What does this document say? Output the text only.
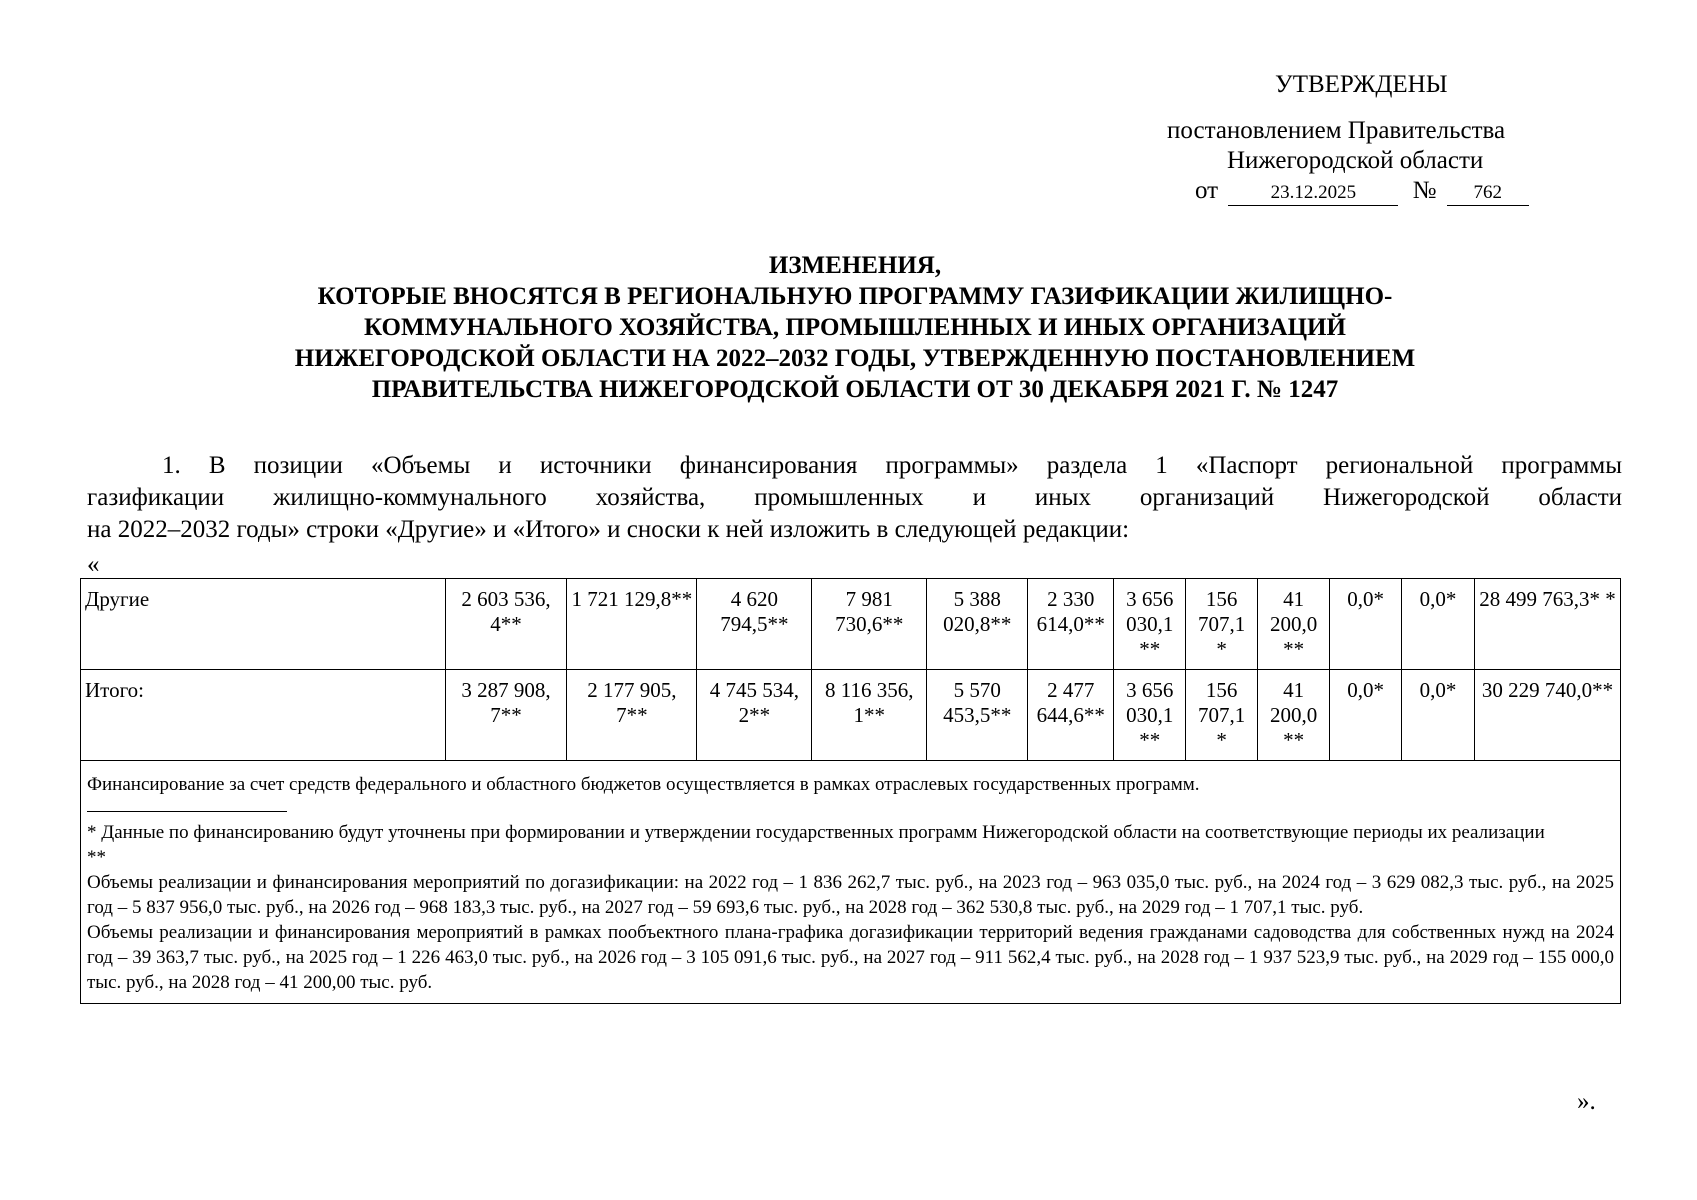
УТВЕРЖДЕНЫ
постановлением Правительства
Нижегородской области
от	23.12.2025 № 762
ИЗМЕНЕНИЯ,
КОТОРЫЕ ВНОСЯТСЯ В РЕГИОНАЛЬНУЮ ПРОГРАММУ ГАЗИФИКАЦИИ ЖИЛИЩНО-
КОММУНАЛЬНОГО ХОЗЯЙСТВА, ПРОМЫШЛЕННЫХ И ИНЫХ ОРГАНИЗАЦИЙ
НИЖЕГОРОДСКОЙ ОБЛАСТИ НА 2022–2032 ГОДЫ, УТВЕРЖДЕННУЮ ПОСТАНОВЛЕНИЕМ
ПРАВИТЕЛЬСТВА НИЖЕГОРОДСКОЙ ОБЛАСТИ ОТ 30 ДЕКАБРЯ 2021 Г. № 1247
1. В позиции «Объемы и источники финансирования программы» раздела 1 «Паспорт региональной программы
газификации жилищно-коммунального хозяйства, промышленных и иных организаций Нижегородской области
на 2022–2032 годы» строки «Другие» и «Итого» и сноски к ней изложить в следующей редакции:
«
Другие	2 603 536, 4**	1 721 129,8**	4 620 794,5**	7 981 730,6**	5 388 020,8**	2 330 614,0**	3 656 030,1 **	156 707,1 *	41 200,0 **	0,0*	0,0*	28 499 763,3* *
Итого:	3 287 908, 7**	2 177 905, 7**	4 745 534, 2**	8 116 356, 1**	5 570 453,5**	2 477 644,6**	3 656 030,1 **	156 707,1 *	41 200,0 **	0,0*	0,0*	30 229 740,0**

Финансирование за счет средств федерального и областного бюджетов осуществляется в рамках отраслевых государственных программ.

* Данные по финансированию будут уточнены при формировании и утверждении государственных программ Нижегородской области на соответствующие периоды их реализации

**

Объемы реализации и финансирования мероприятий по догазификации: на 2022 год – 1 836 262,7 тыс. руб., на 2023 год – 963 035,0 тыс. руб., на 2024 год – 3 629 082,3 тыс. руб., на 2025 год – 5 837 956,0 тыс. руб., на 2026 год – 968 183,3 тыс. руб., на 2027 год – 59 693,6 тыс. руб., на 2028 год – 362 530,8 тыс. руб., на 2029 год – 1 707,1 тыс. руб.

Объемы реализации и финансирования мероприятий в рамках пообъектного плана-графика догазификации территорий ведения гражданами садоводства для собственных нужд на 2024 год – 39 363,7 тыс. руб., на 2025 год – 1 226 463,0 тыс. руб., на 2026 год – 3 105 091,6 тыс. руб., на 2027 год – 911 562,4 тыс. руб., на 2028 год – 1 937 523,9 тыс. руб., на 2029 год – 155 000,0 тыс. руб., на 2028 год – 41 200,00 тыс. руб.												

».
